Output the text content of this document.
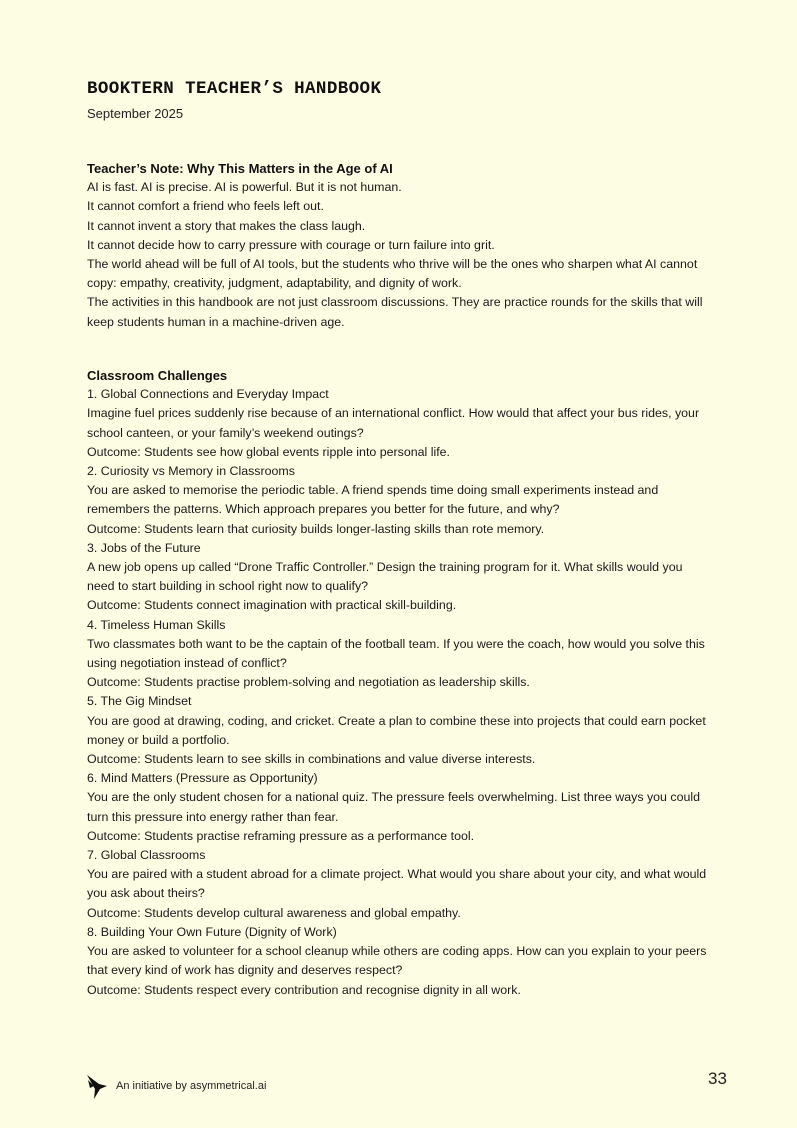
BOOKTERN TEACHER’S HANDBOOK
September 2025
Teacher’s Note: Why This Matters in the Age of AI
AI is fast. AI is precise. AI is powerful. But it is not human.
It cannot comfort a friend who feels left out.
It cannot invent a story that makes the class laugh.
It cannot decide how to carry pressure with courage or turn failure into grit.
The world ahead will be full of AI tools, but the students who thrive will be the ones who sharpen what AI cannot
copy: empathy, creativity, judgment, adaptability, and dignity of work.
The activities in this handbook are not just classroom discussions. They are practice rounds for the skills that will
keep students human in a machine-driven age.
Classroom Challenges
1. Global Connections and Everyday Impact
Imagine fuel prices suddenly rise because of an international conflict. How would that affect your bus rides, your
school canteen, or your family’s weekend outings?
Outcome: Students see how global events ripple into personal life.
2. Curiosity vs Memory in Classrooms
You are asked to memorise the periodic table. A friend spends time doing small experiments instead and
remembers the patterns. Which approach prepares you better for the future, and why?
Outcome: Students learn that curiosity builds longer-lasting skills than rote memory.
3. Jobs of the Future
A new job opens up called “Drone Traffic Controller.” Design the training program for it. What skills would you
need to start building in school right now to qualify?
Outcome: Students connect imagination with practical skill-building.
4. Timeless Human Skills
Two classmates both want to be the captain of the football team. If you were the coach, how would you solve this
using negotiation instead of conflict?
Outcome: Students practise problem-solving and negotiation as leadership skills.
5. The Gig Mindset
You are good at drawing, coding, and cricket. Create a plan to combine these into projects that could earn pocket
money or build a portfolio.
Outcome: Students learn to see skills in combinations and value diverse interests.
6. Mind Matters (Pressure as Opportunity)
You are the only student chosen for a national quiz. The pressure feels overwhelming. List three ways you could
turn this pressure into energy rather than fear.
Outcome: Students practise reframing pressure as a performance tool.
7. Global Classrooms
You are paired with a student abroad for a climate project. What would you share about your city, and what would
you ask about theirs?
Outcome: Students develop cultural awareness and global empathy.
8. Building Your Own Future (Dignity of Work)
You are asked to volunteer for a school cleanup while others are coding apps. How can you explain to your peers
that every kind of work has dignity and deserves respect?
Outcome: Students respect every contribution and recognise dignity in all work.
An initiative by asymmetrical.ai	33
